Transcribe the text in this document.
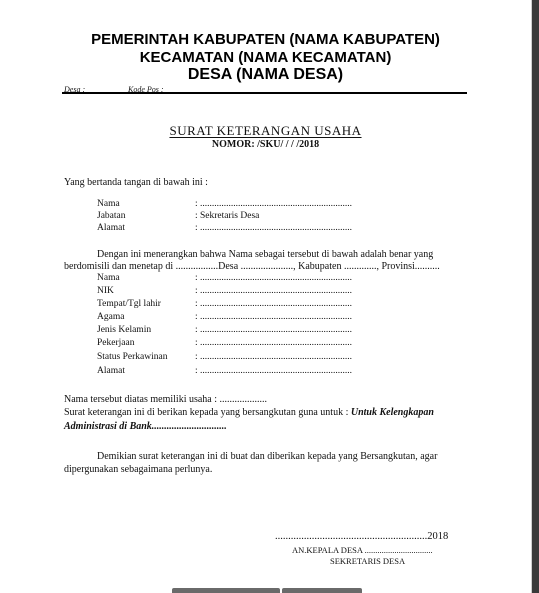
PEMERINTAH KABUPATEN (NAMA KABUPATEN)
KECAMATAN (NAMA KECAMATAN)
DESA (NAMA DESA)
Desa :	Kode Pos :
SURAT KETERANGAN USAHA
NOMOR: /SKU/ / / /2018
Yang bertanda tangan di bawah ini :
Nama	: ................................................................
Jabatan	: Sekretaris Desa
Alamat	: ................................................................
Dengan ini menerangkan bahwa Nama sebagai tersebut di bawah adalah benar yang
berdomisili dan menetap di .................Desa ....................., Kabupaten ............., Provinsi..........
Nama	: ................................................................
NIK	: ................................................................
Tempat/Tgl lahir	: ................................................................
Agama	: ................................................................
Jenis Kelamin	: ................................................................
Pekerjaan	: ................................................................
Status Perkawinan	: ................................................................
Alamat	: ................................................................
Nama tersebut diatas memiliki usaha : ...................
Surat keterangan ini di berikan kepada yang bersangkutan guna untuk : Untuk Kelengkapan
Administrasi di Bank..............................
Demikian surat keterangan ini di buat dan diberikan kepada yang Bersangkutan, agar
dipergunakan sebagaimana perlunya.
..........................................................2018
AN.KEPALA DESA ................................
SEKRETARIS DESA
